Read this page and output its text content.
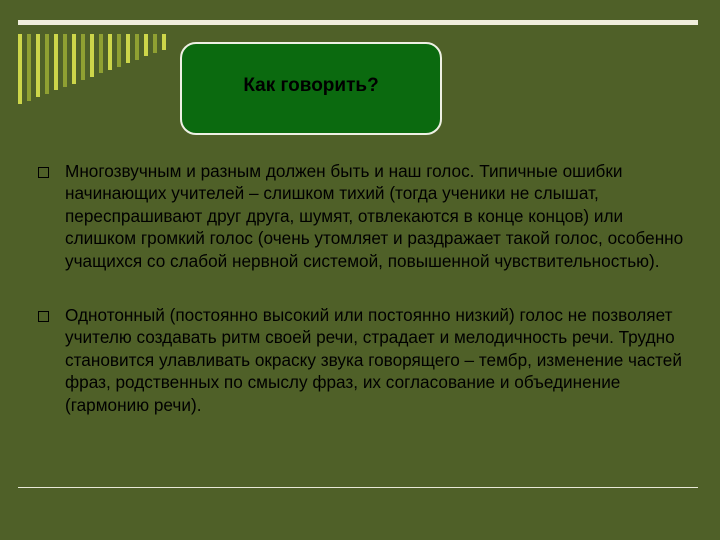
Как говорить?
Многозвучным и разным должен быть и наш голос. Типичные ошибки начинающих учителей – слишком тихий (тогда ученики не слышат, переспрашивают друг друга, шумят, отвлекаются в конце концов) или слишком громкий голос (очень утомляет и раздражает такой голос, особенно учащихся со слабой нервной системой, повышенной чувствительностью).
Однотонный (постоянно высокий или постоянно низкий) голос не позволяет учителю создавать ритм своей речи, страдает и мелодичность речи. Трудно становится улавливать окраску звука говорящего – тембр, изменение частей фраз, родственных по смыслу фраз, их согласование и объединение (гармонию речи).
